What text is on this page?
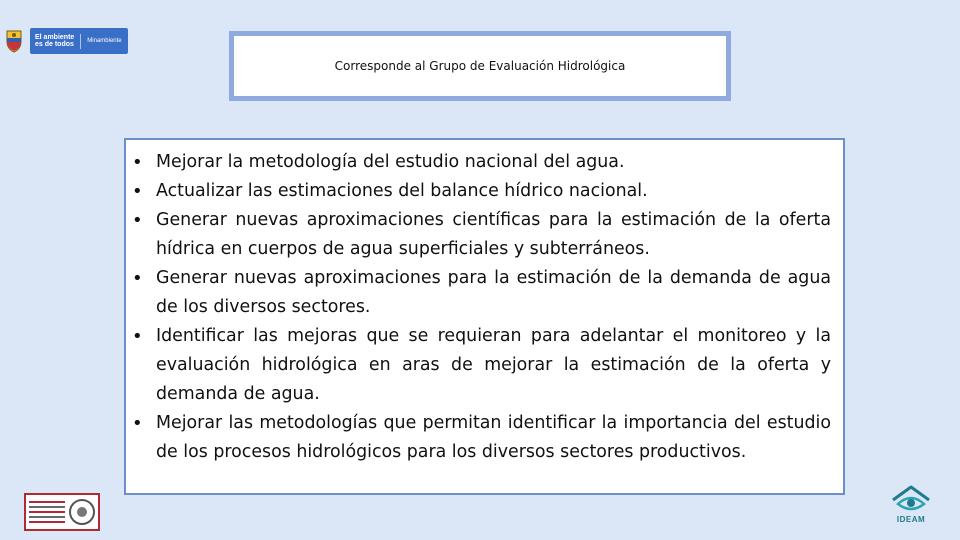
El ambiente
es de todos	Minambiente
Corresponde al Grupo de Evaluación Hidrológica
• Mejorar la metodología del estudio nacional del agua.
• Actualizar las estimaciones del balance hídrico nacional.
• Generar nuevas aproximaciones científicas para la estimación de la oferta hídrica en cuerpos de agua superficiales y subterráneos.
• Generar nuevas aproximaciones para la estimación de la demanda de agua de los diversos sectores.
• Identificar las mejoras que se requieran para adelantar el monitoreo y la evaluación hidrológica en aras de mejorar la estimación de la oferta y demanda de agua.
• Mejorar las metodologías que permitan identificar la importancia del estudio de los procesos hidrológicos para los diversos sectores productivos.
IDEAM
